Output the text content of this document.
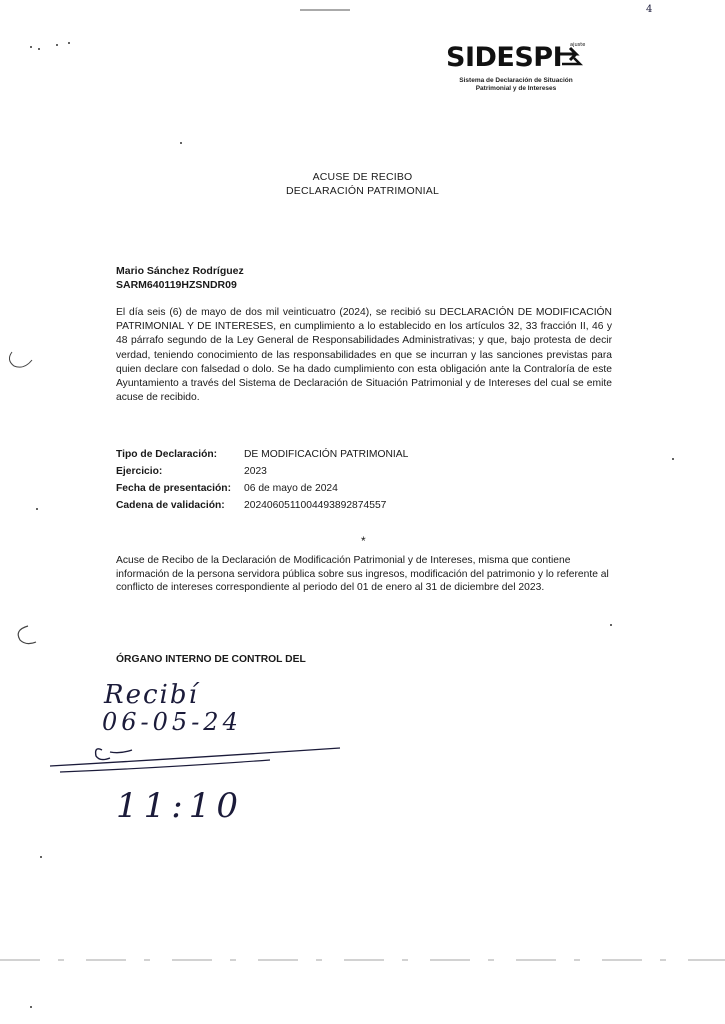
4
SIDESPI ajuste
Sistema de Declaración de Situación
Patrimonial y de Intereses
ACUSE DE RECIBO
DECLARACIÓN PATRIMONIAL
Mario Sánchez Rodríguez
SARM640119HZSNDR09
El día seis (6) de mayo de dos mil veinticuatro (2024), se recibió su DECLARACIÓN DE MODIFICACIÓN PATRIMONIAL Y DE INTERESES, en cumplimiento a lo establecido en los artículos 32, 33 fracción II, 46 y 48 párrafo segundo de la Ley General de Responsabilidades Administrativas; y que, bajo protesta de decir verdad, teniendo conocimiento de las responsabilidades en que se incurran y las sanciones previstas para quien declare con falsedad o dolo. Se ha dado cumplimiento con esta obligación ante la Contraloría de este Ayuntamiento a través del Sistema de Declaración de Situación Patrimonial y de Intereses del cual se emite acuse de recibido.
Tipo de Declaración:	DE MODIFICACIÓN PATRIMONIAL
Ejercicio:	2023
Fecha de presentación:	06 de mayo de 2024
Cadena de validación:	20240605110044938928745​57
*
Acuse de Recibo de la Declaración de Modificación Patrimonial y de Intereses, misma que contiene información de la persona servidora pública sobre sus ingresos, modificación del patrimonio y lo referente al conflicto de intereses correspondiente al periodo del 01 de enero al 31 de diciembre del 2023.
ÓRGANO INTERNO DE CONTROL DEL
Recibí
06-05-24
11:10
